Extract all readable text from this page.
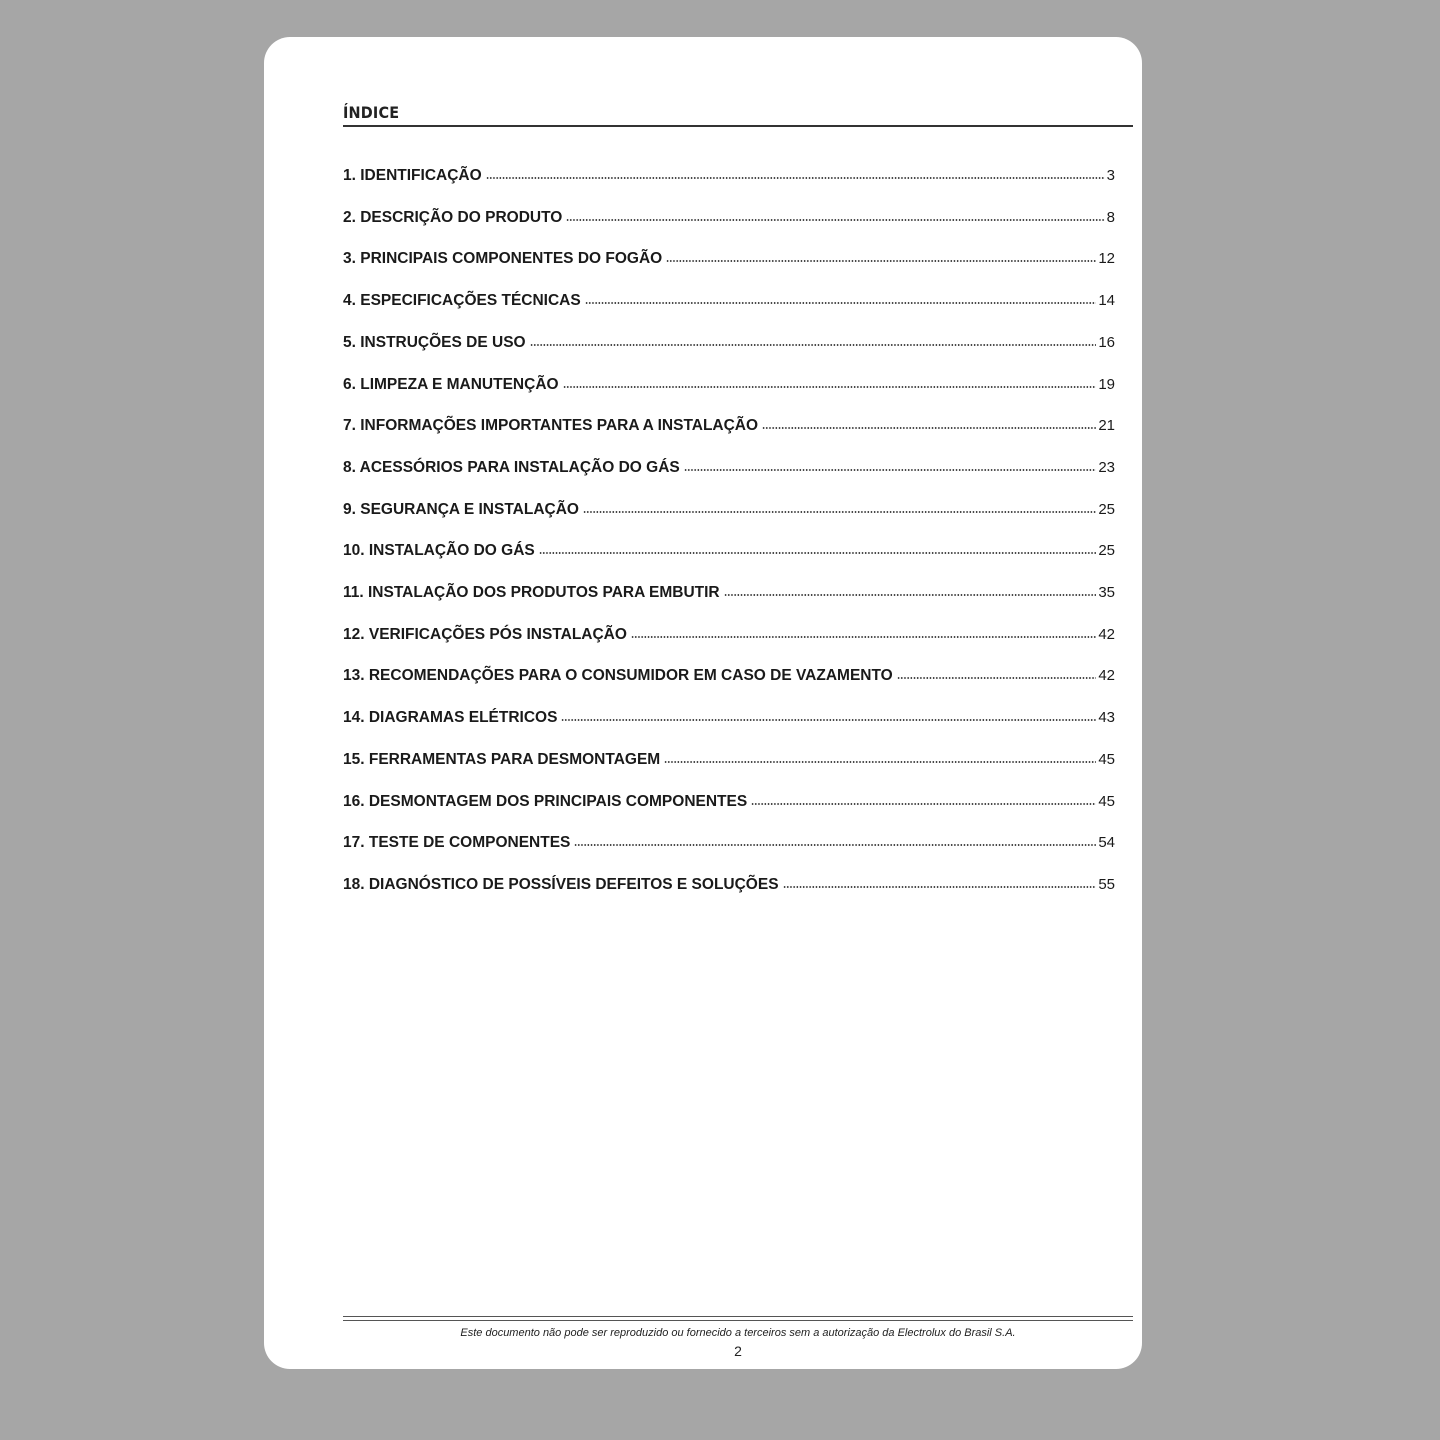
ÍNDICE
1. IDENTIFICAÇÃO	3
2. DESCRIÇÃO DO PRODUTO	8
3. PRINCIPAIS COMPONENTES DO FOGÃO	12
4. ESPECIFICAÇÕES TÉCNICAS	14
5. INSTRUÇÕES DE USO	16
6. LIMPEZA E MANUTENÇÃO	19
7. INFORMAÇÕES IMPORTANTES PARA A INSTALAÇÃO	21
8. ACESSÓRIOS PARA INSTALAÇÃO DO GÁS	23
9. SEGURANÇA E INSTALAÇÃO	25
10. INSTALAÇÃO DO GÁS	25
11. INSTALAÇÃO DOS PRODUTOS PARA EMBUTIR	35
12. VERIFICAÇÕES PÓS INSTALAÇÃO	42
13. RECOMENDAÇÕES PARA O CONSUMIDOR EM CASO DE VAZAMENTO	42
14. DIAGRAMAS ELÉTRICOS	43
15. FERRAMENTAS PARA DESMONTAGEM	45
16. DESMONTAGEM DOS PRINCIPAIS COMPONENTES	45
17. TESTE DE COMPONENTES	54
18. DIAGNÓSTICO DE POSSÍVEIS DEFEITOS E SOLUÇÕES	55
Este documento não pode ser reproduzido ou fornecido a terceiros sem a autorização da Electrolux do Brasil S.A.
2
